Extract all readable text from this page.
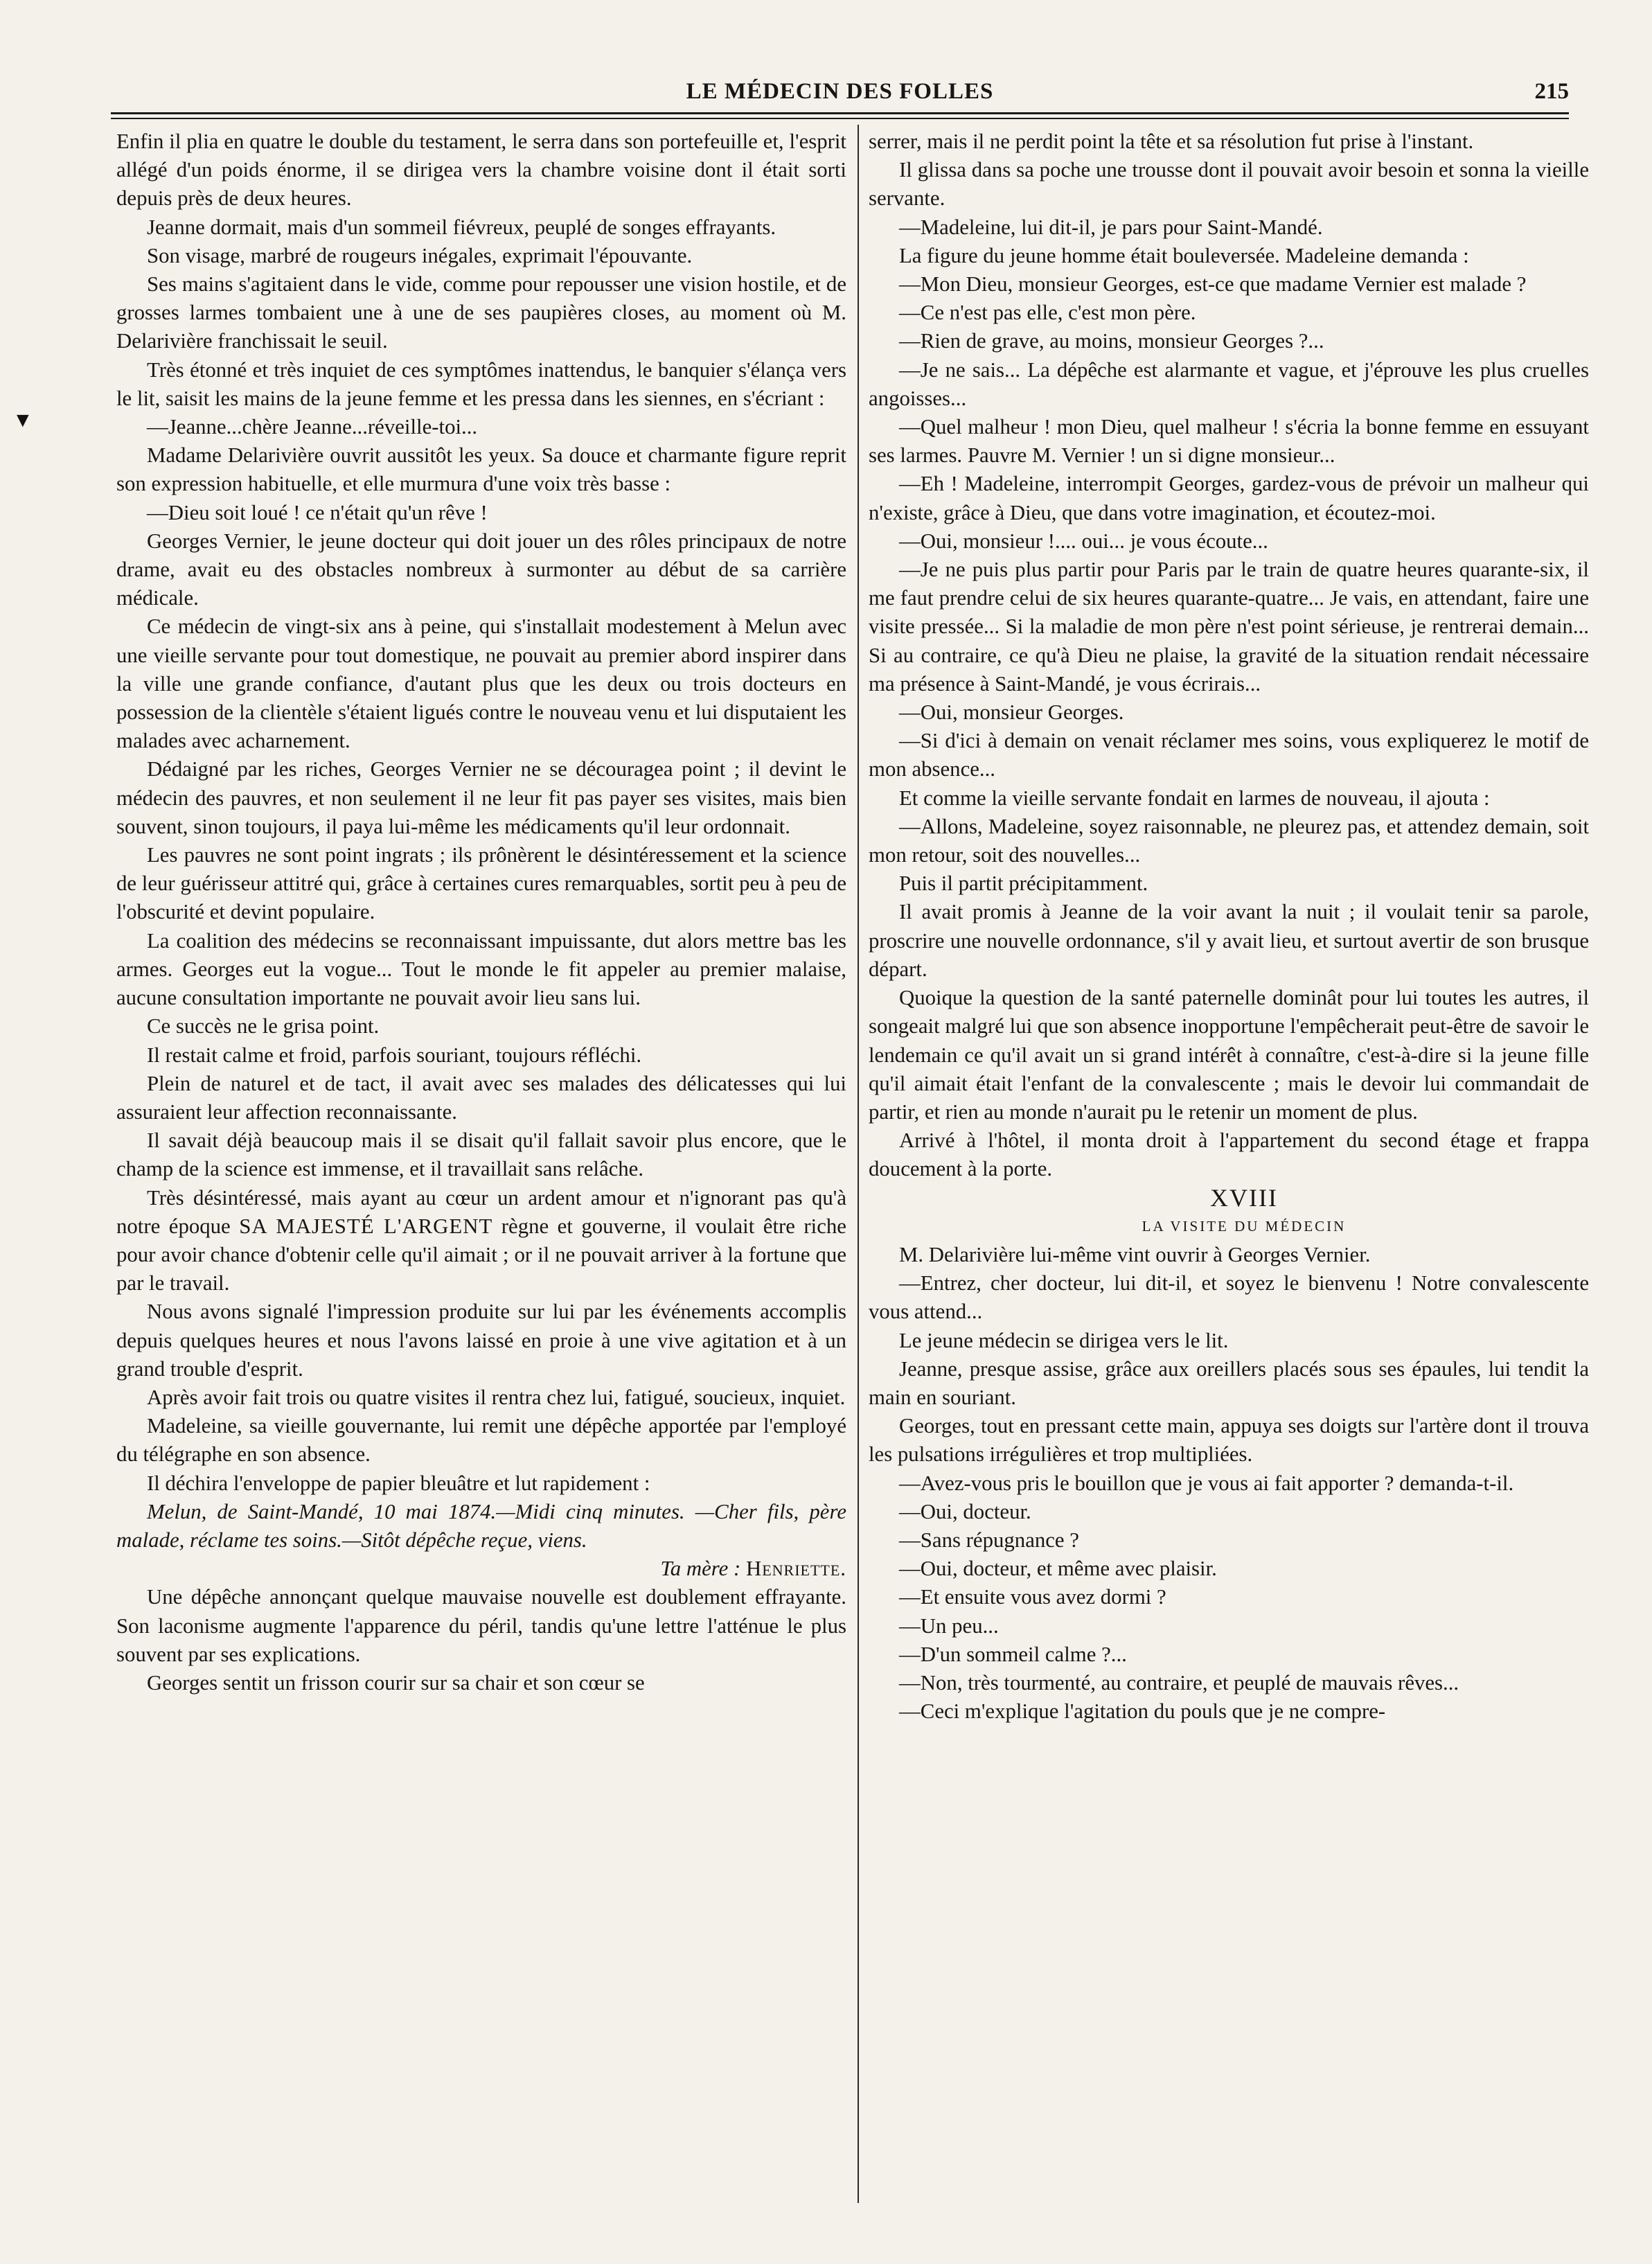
LE MÉDECIN DES FOLLES	215
▼

Enfin il plia en quatre le double du testament, le serra dans son portefeuille et, l'esprit allégé d'un poids énorme, il se dirigea vers la chambre voisine dont il était sorti depuis près de deux heures.

Jeanne dormait, mais d'un sommeil fiévreux, peuplé de songes effrayants.

Son visage, marbré de rougeurs inégales, exprimait l'épouvante.

Ses mains s'agitaient dans le vide, comme pour repousser une vision hostile, et de grosses larmes tombaient une à une de ses paupières closes, au moment où M. Delarivière franchissait le seuil.

Très étonné et très inquiet de ces symptômes inattendus, le banquier s'élança vers le lit, saisit les mains de la jeune femme et les pressa dans les siennes, en s'écriant :

—Jeanne...chère Jeanne...réveille-toi...

Madame Delarivière ouvrit aussitôt les yeux. Sa douce et charmante figure reprit son expression habituelle, et elle murmura d'une voix très basse :

—Dieu soit loué ! ce n'était qu'un rêve !

Georges Vernier, le jeune docteur qui doit jouer un des rôles principaux de notre drame, avait eu des obstacles nombreux à surmonter au début de sa carrière médicale.

Ce médecin de vingt-six ans à peine, qui s'installait modestement à Melun avec une vieille servante pour tout domestique, ne pouvait au premier abord inspirer dans la ville une grande confiance, d'autant plus que les deux ou trois docteurs en possession de la clientèle s'étaient ligués contre le nouveau venu et lui disputaient les malades avec acharnement.

Dédaigné par les riches, Georges Vernier ne se découragea point ; il devint le médecin des pauvres, et non seulement il ne leur fit pas payer ses visites, mais bien souvent, sinon toujours, il paya lui-même les médicaments qu'il leur ordonnait.

Les pauvres ne sont point ingrats ; ils prônèrent le désintéressement et la science de leur guérisseur attitré qui, grâce à certaines cures remarquables, sortit peu à peu de l'obscurité et devint populaire.

La coalition des médecins se reconnaissant impuissante, dut alors mettre bas les armes. Georges eut la vogue... Tout le monde le fit appeler au premier malaise, aucune consultation importante ne pouvait avoir lieu sans lui.

Ce succès ne le grisa point.

Il restait calme et froid, parfois souriant, toujours réfléchi.

Plein de naturel et de tact, il avait avec ses malades des délicatesses qui lui assuraient leur affection reconnaissante.

Il savait déjà beaucoup mais il se disait qu'il fallait savoir plus encore, que le champ de la science est immense, et il travaillait sans relâche.

Très désintéressé, mais ayant au cœur un ardent amour et n'ignorant pas qu'à notre époque SA MAJESTÉ L'ARGENT règne et gouverne, il voulait être riche pour avoir chance d'obtenir celle qu'il aimait ; or il ne pouvait arriver à la fortune que par le travail.

Nous avons signalé l'impression produite sur lui par les événements accomplis depuis quelques heures et nous l'avons laissé en proie à une vive agitation et à un grand trouble d'esprit.

Après avoir fait trois ou quatre visites il rentra chez lui, fatigué, soucieux, inquiet.

Madeleine, sa vieille gouvernante, lui remit une dépêche apportée par l'employé du télégraphe en son absence.

Il déchira l'enveloppe de papier bleuâtre et lut rapidement :

Melun, de Saint-Mandé, 10 mai 1874.—Midi cinq minutes. —Cher fils, père malade, réclame tes soins.—Sitôt dépêche reçue, viens.

Ta mère : Henriette.

Une dépêche annonçant quelque mauvaise nouvelle est doublement effrayante. Son laconisme augmente l'apparence du péril, tandis qu'une lettre l'atténue le plus souvent par ses explications.

Georges sentit un frisson courir sur sa chair et son cœur se

serrer, mais il ne perdit point la tête et sa résolution fut prise à l'instant.

Il glissa dans sa poche une trousse dont il pouvait avoir besoin et sonna la vieille servante.

—Madeleine, lui dit-il, je pars pour Saint-Mandé.

La figure du jeune homme était bouleversée. Madeleine demanda :

—Mon Dieu, monsieur Georges, est-ce que madame Vernier est malade ?

—Ce n'est pas elle, c'est mon père.

—Rien de grave, au moins, monsieur Georges ?...

—Je ne sais... La dépêche est alarmante et vague, et j'éprouve les plus cruelles angoisses...

—Quel malheur ! mon Dieu, quel malheur ! s'écria la bonne femme en essuyant ses larmes. Pauvre M. Vernier ! un si digne monsieur...

—Eh ! Madeleine, interrompit Georges, gardez-vous de prévoir un malheur qui n'existe, grâce à Dieu, que dans votre imagination, et écoutez-moi.

—Oui, monsieur !.... oui... je vous écoute...

—Je ne puis plus partir pour Paris par le train de quatre heures quarante-six, il me faut prendre celui de six heures quarante-quatre... Je vais, en attendant, faire une visite pressée... Si la maladie de mon père n'est point sérieuse, je rentrerai demain... Si au contraire, ce qu'à Dieu ne plaise, la gravité de la situation rendait nécessaire ma présence à Saint-Mandé, je vous écrirais...

—Oui, monsieur Georges.

—Si d'ici à demain on venait réclamer mes soins, vous expliquerez le motif de mon absence...

Et comme la vieille servante fondait en larmes de nouveau, il ajouta :

—Allons, Madeleine, soyez raisonnable, ne pleurez pas, et attendez demain, soit mon retour, soit des nouvelles...

Puis il partit précipitamment.

Il avait promis à Jeanne de la voir avant la nuit ; il voulait tenir sa parole, proscrire une nouvelle ordonnance, s'il y avait lieu, et surtout avertir de son brusque départ.

Quoique la question de la santé paternelle dominât pour lui toutes les autres, il songeait malgré lui que son absence inopportune l'empêcherait peut-être de savoir le lendemain ce qu'il avait un si grand intérêt à connaître, c'est-à-dire si la jeune fille qu'il aimait était l'enfant de la convalescente ; mais le devoir lui commandait de partir, et rien au monde n'aurait pu le retenir un moment de plus.

Arrivé à l'hôtel, il monta droit à l'appartement du second étage et frappa doucement à la porte.

XVIII

LA VISITE DU MÉDECIN

M. Delarivière lui-même vint ouvrir à Georges Vernier.

—Entrez, cher docteur, lui dit-il, et soyez le bienvenu ! Notre convalescente vous attend...

Le jeune médecin se dirigea vers le lit.

Jeanne, presque assise, grâce aux oreillers placés sous ses épaules, lui tendit la main en souriant.

Georges, tout en pressant cette main, appuya ses doigts sur l'artère dont il trouva les pulsations irrégulières et trop multipliées.

—Avez-vous pris le bouillon que je vous ai fait apporter ? demanda-t-il.

—Oui, docteur.

—Sans répugnance ?

—Oui, docteur, et même avec plaisir.

—Et ensuite vous avez dormi ?

—Un peu...

—D'un sommeil calme ?...

—Non, très tourmenté, au contraire, et peuplé de mauvais rêves...

—Ceci m'explique l'agitation du pouls que je ne compre-
